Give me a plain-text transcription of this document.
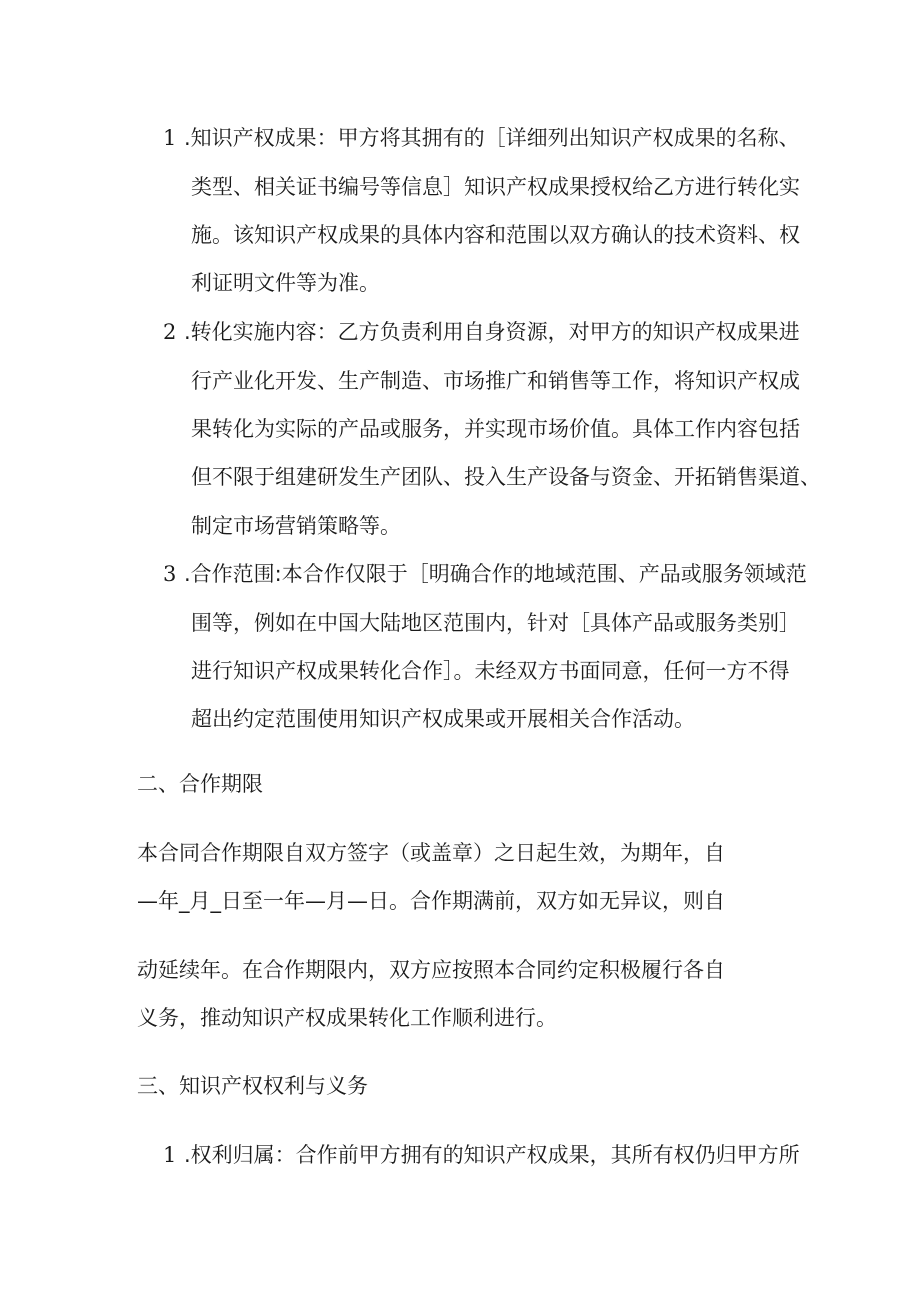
1 .知识产权成果：甲方将其拥有的［详细列出知识产权成果的名称、
类型、相关证书编号等信息］知识产权成果授权给乙方进行转化实
施。该知识产权成果的具体内容和范围以双方确认的技术资料、权
利证明文件等为准。
2 .转化实施内容：乙方负责利用自身资源，对甲方的知识产权成果进
行产业化开发、生产制造、市场推广和销售等工作，将知识产权成
果转化为实际的产品或服务，并实现市场价值。具体工作内容包括
但不限于组建研发生产团队、投入生产设备与资金、开拓销售渠道、
制定市场营销策略等。
3 .合作范围:本合作仅限于［明确合作的地域范围、产品或服务领域范
围等，例如在中国大陆地区范围内，针对［具体产品或服务类别］
进行知识产权成果转化合作］。未经双方书面同意，任何一方不得
超出约定范围使用知识产权成果或开展相关合作活动。
二、合作期限
本合同合作期限自双方签字（或盖章）之日起生效，为期年，自
—年_月_日至一年—月—日。合作期满前，双方如无异议，则自
动延续年。在合作期限内，双方应按照本合同约定积极履行各自
义务，推动知识产权成果转化工作顺利进行。
三、知识产权权利与义务
1 .权利归属：合作前甲方拥有的知识产权成果，其所有权仍归甲方所
